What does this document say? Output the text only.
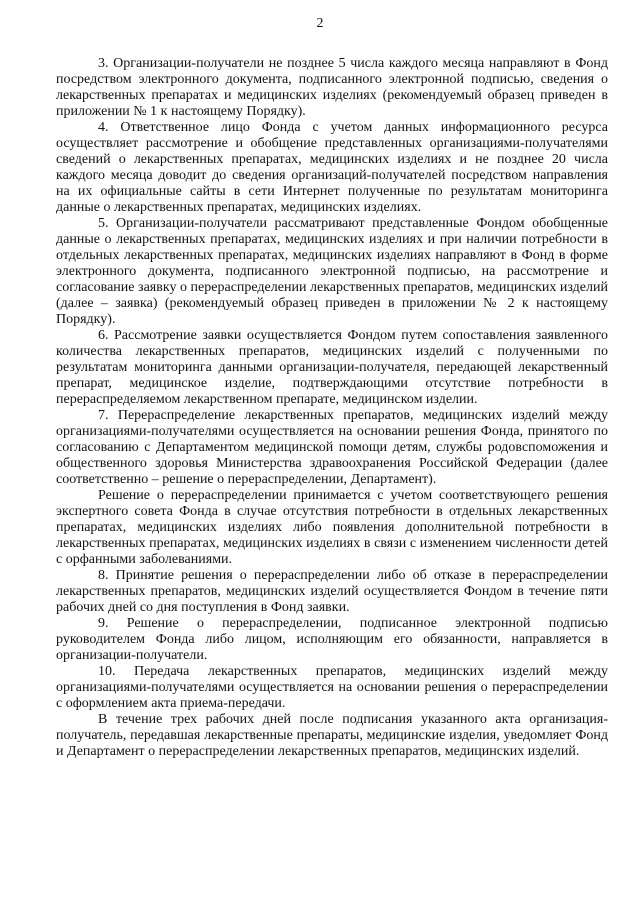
2

3. Организации-получатели не позднее 5 числа каждого месяца направляют в Фонд посредством электронного документа, подписанного электронной подписью, сведения о лекарственных препаратах и медицинских изделиях (рекомендуемый образец приведен в приложении № 1 к настоящему Порядку).

4. Ответственное лицо Фонда с учетом данных информационного ресурса осуществляет рассмотрение и обобщение представленных организациями-получателями сведений о лекарственных препаратах, медицинских изделиях и не позднее 20 числа каждого месяца доводит до сведения организаций-получателей посредством направления на их официальные сайты в сети Интернет полученные по результатам мониторинга данные о лекарственных препаратах, медицинских изделиях.

5. Организации-получатели рассматривают представленные Фондом обобщенные данные о лекарственных препаратах, медицинских изделиях и при наличии потребности в отдельных лекарственных препаратах, медицинских изделиях направляют в Фонд в форме электронного документа, подписанного электронной подписью, на рассмотрение и согласование заявку о перераспределении лекарственных препаратов, медицинских изделий (далее – заявка) (рекомендуемый образец приведен в приложении № 2 к настоящему Порядку).

6. Рассмотрение заявки осуществляется Фондом путем сопоставления заявленного количества лекарственных препаратов, медицинских изделий с полученными по результатам мониторинга данными организации-получателя, передающей лекарственный препарат, медицинское изделие, подтверждающими отсутствие потребности в перераспределяемом лекарственном препарате, медицинском изделии.

7. Перераспределение лекарственных препаратов, медицинских изделий между организациями-получателями осуществляется на основании решения Фонда, принятого по согласованию с Департаментом медицинской помощи детям, службы родовспоможения и общественного здоровья Министерства здравоохранения Российской Федерации (далее соответственно – решение о перераспределении, Департамент).

Решение о перераспределении принимается с учетом соответствующего решения экспертного совета Фонда в случае отсутствия потребности в отдельных лекарственных препаратах, медицинских изделиях либо появления дополнительной потребности в лекарственных препаратах, медицинских изделиях в связи с изменением численности детей с орфанными заболеваниями.

8. Принятие решения о перераспределении либо об отказе в перераспределении лекарственных препаратов, медицинских изделий осуществляется Фондом в течение пяти рабочих дней со дня поступления в Фонд заявки.

9. Решение о перераспределении, подписанное электронной подписью руководителем Фонда либо лицом, исполняющим его обязанности, направляется в организации-получатели.

10. Передача лекарственных препаратов, медицинских изделий между организациями-получателями осуществляется на основании решения о перераспределении с оформлением акта приема-передачи.

В течение трех рабочих дней после подписания указанного акта организация-получатель, передавшая лекарственные препараты, медицинские изделия, уведомляет Фонд и Департамент о перераспределении лекарственных препаратов, медицинских изделий.
